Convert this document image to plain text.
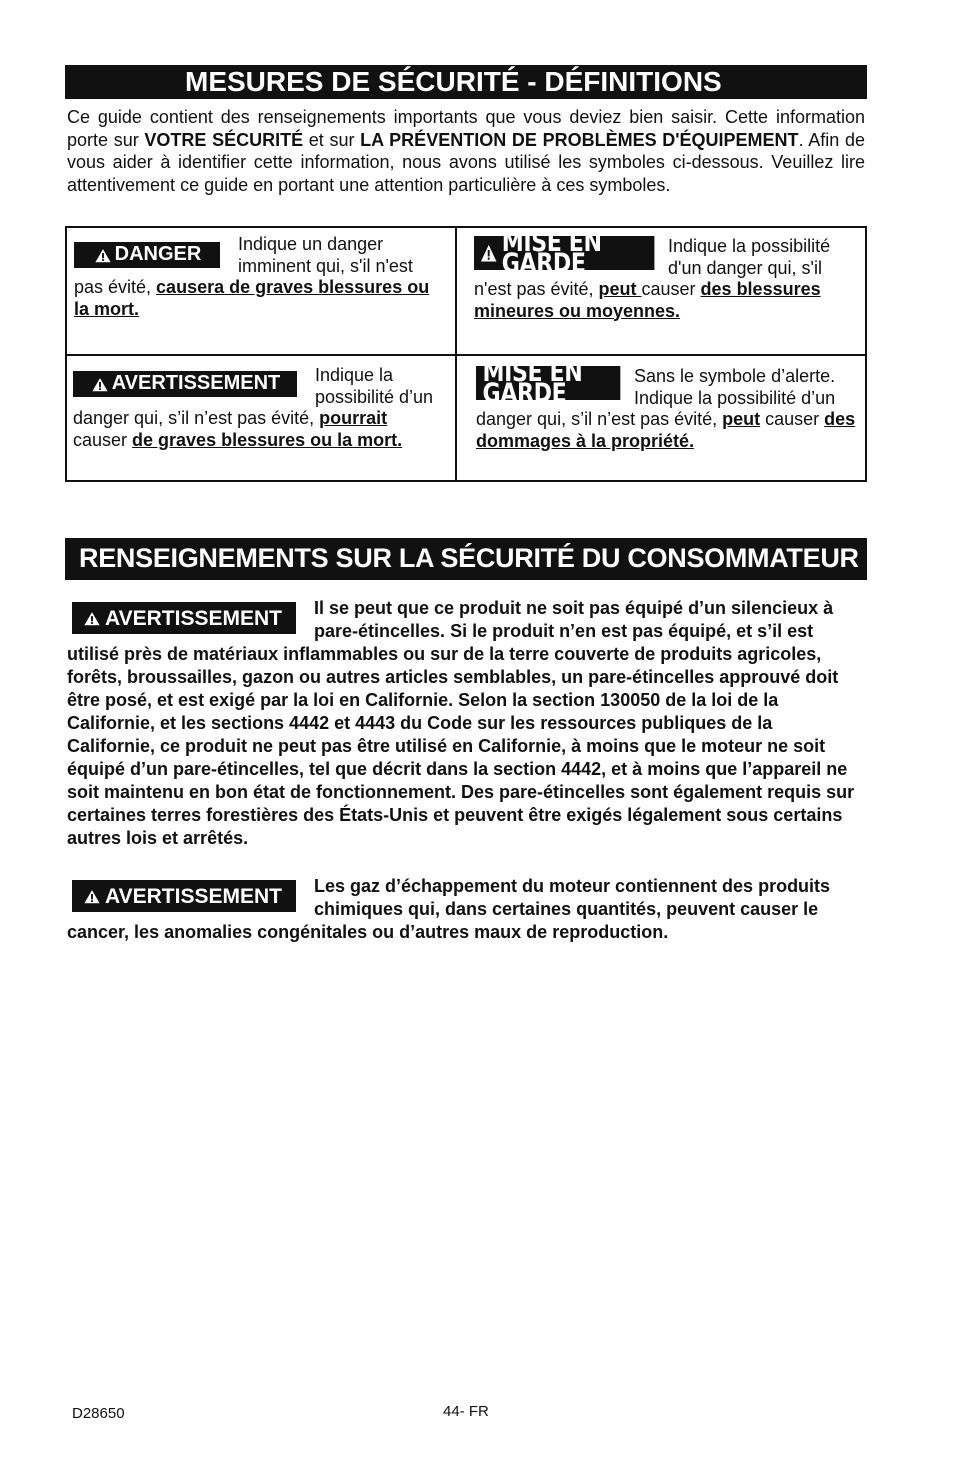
MESURES DE SÉCURITÉ - DÉFINITIONS

Ce guide contient des renseignements importants que vous deviez bien saisir. Cette information porte sur VOTRE SÉCURITÉ et sur LA PRÉVENTION DE PROBLÈMES D'ÉQUIPEMENT. Afin de vous aider à identifier cette information, nous avons utilisé les symboles ci-dessous. Veuillez lire attentivement ce guide en portant une attention particulière à ces symboles.

DANGER Indique un danger imminent qui, s'il n'est pas évité, causera de graves blessures ou la mort.
MISE EN GARDE
Indique la possibilité d'un danger qui, s'il n'est pas évité, peut causer des blessures mineures ou moyennes.
AVERTISSEMENT Indique la possibilité d’un danger qui, s’il n’est pas évité, pourrait causer de graves blessures ou la mort.
MISE EN GARDE
Sans le symbole d’alerte. Indique la possibilité d’un danger qui, s’il n’est pas évité, peut causer des dommages à la propriété.
RENSEIGNEMENTS SUR LA SÉCURITÉ DU CONSOMMATEUR

AVERTISSEMENT Il se peut que ce produit ne soit pas équipé d’un silencieux à pare-étincelles. Si le produit n’en est pas équipé, et s’il est utilisé près de matériaux inflammables ou sur de la terre couverte de produits agricoles, forêts, broussailles, gazon ou autres articles semblables, un pare-étincelles approuvé doit être posé, et est exigé par la loi en Californie. Selon la section 130050 de la loi de la Californie, et les sections 4442 et 4443 du Code sur les ressources publiques de la Californie, ce produit ne peut pas être utilisé en Californie, à moins que le moteur ne soit équipé d’un pare-étincelles, tel que décrit dans la section 4442, et à moins que l’appareil ne soit maintenu en bon état de fonctionnement. Des pare-étincelles sont également requis sur certaines terres forestières des États-Unis et peuvent être exigés légalement sous certains autres lois et arrêtés.

AVERTISSEMENT Les gaz d’échappement du moteur contiennent des produits chimiques qui, dans certaines quantités, peuvent causer le cancer, les anomalies congénitales ou d’autres maux de reproduction.

D28650	44- FR
